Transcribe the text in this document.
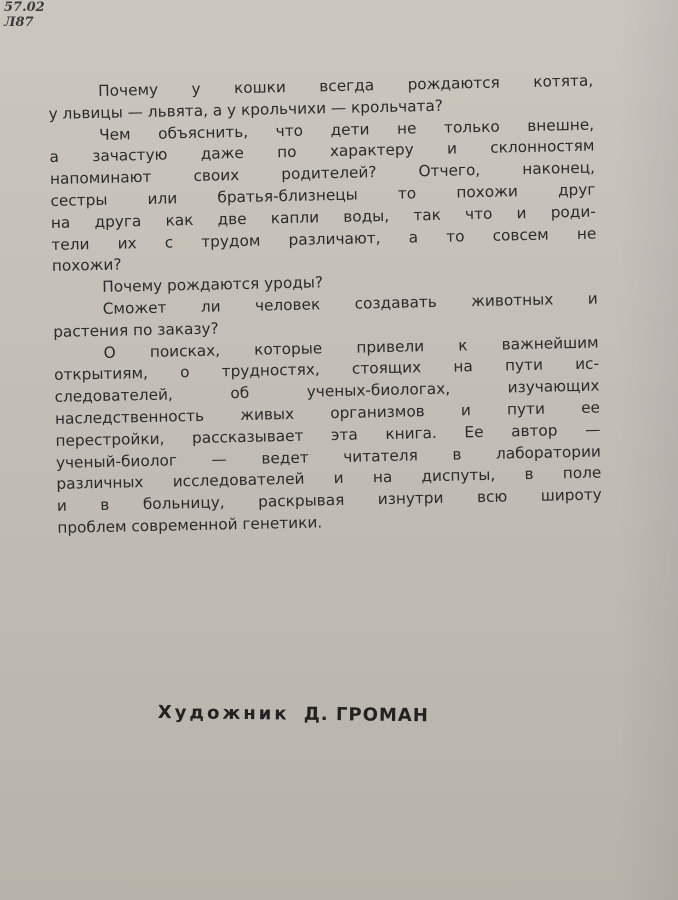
57.02

Л87

Почему у кошки всегда рождаются котята,

у львицы — львята, а у крольчихи — крольчата?

Чем объяснить, что дети не только внешне,

а зачастую даже по характеру и склонностям

напоминают своих родителей? Отчего, наконец,

сестры или братья-близнецы то похожи друг

на друга как две капли воды, так что и роди-

тели их с трудом различают, а то совсем не

похожи?

Почему рождаются уроды?

Сможет ли человек создавать животных и

растения по заказу?

О поисках, которые привели к важнейшим

открытиям, о трудностях, стоящих на пути ис-

следователей, об ученых-биологах, изучающих

наследственность живых организмов и пути ее

перестройки, рассказывает эта книга. Ее автор —

ученый-биолог — ведет читателя в лаборатории

различных исследователей и на диспуты, в поле

и в больницу, раскрывая изнутри всю широту

проблем современной генетики.

Художник Д. ГРОМАН
